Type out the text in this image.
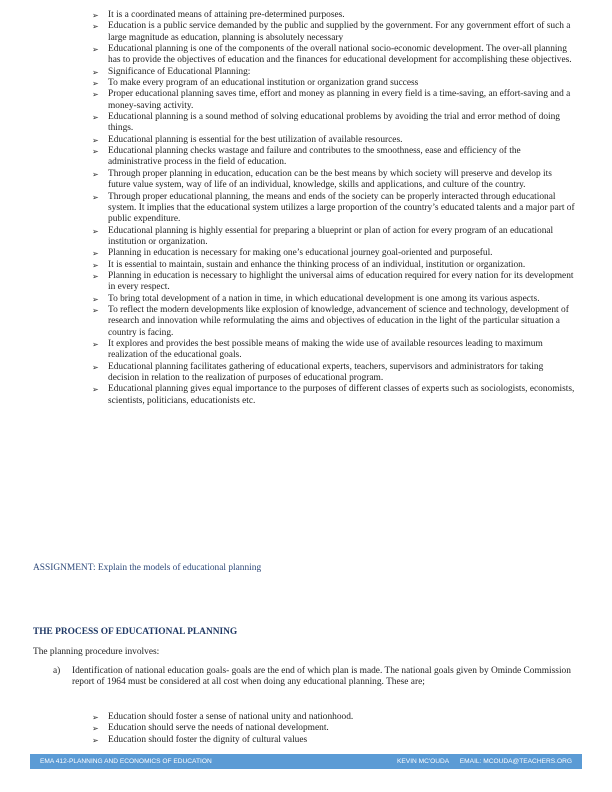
➢ It is a coordinated means of attaining pre-determined purposes.
➢ Education is a public service demanded by the public and supplied by the government. For any government effort of such a large magnitude as education, planning is absolutely necessary
➢ Educational planning is one of the components of the overall national socio-economic development. The over-all planning has to provide the objectives of education and the finances for educational development for accomplishing these objectives.
➢ Significance of Educational Planning:
➢ To make every program of an educational institution or organization grand success
➢ Proper educational planning saves time, effort and money as planning in every field is a time-saving, an effort-saving and a money-saving activity.
➢ Educational planning is a sound method of solving educational problems by avoiding the trial and error method of doing things.
➢ Educational planning is essential for the best utilization of available resources.
➢ Educational planning checks wastage and failure and contributes to the smoothness, ease and efficiency of the administrative process in the field of education.
➢ Through proper planning in education, education can be the best means by which society will preserve and develop its future value system, way of life of an individual, knowledge, skills and applications, and culture of the country.
➢ Through proper educational planning, the means and ends of the society can be properly interacted through educational system. It implies that the educational system utilizes a large proportion of the country’s educated talents and a major part of public expenditure.
➢ Educational planning is highly essential for preparing a blueprint or plan of action for every program of an educational institution or organization.
➢ Planning in education is necessary for making one’s educational journey goal-oriented and purposeful.
➢ It is essential to maintain, sustain and enhance the thinking process of an individual, institution or organization.
➢ Planning in education is necessary to highlight the universal aims of education required for every nation for its development in every respect.
➢ To bring total development of a nation in time, in which educational development is one among its various aspects.
➢ To reflect the modern developments like explosion of knowledge, advancement of science and technology, development of research and innovation while reformulating the aims and objectives of education in the light of the particular situation a country is facing.
➢ It explores and provides the best possible means of making the wide use of available resources leading to maximum realization of the educational goals.
➢ Educational planning facilitates gathering of educational experts, teachers, supervisors and administrators for taking decision in relation to the realization of purposes of educational program.
➢ Educational planning gives equal importance to the purposes of different classes of experts such as sociologists, economists, scientists, politicians, educationists etc.
ASSIGNMENT: Explain the models of educational planning
THE PROCESS OF EDUCATIONAL PLANNING
The planning procedure involves:
a)	Identification of national education goals- goals are the end of which plan is made. The national goals given by Ominde Commission report of 1964 must be considered at all cost when doing any educational planning. These are;
➢ Education should foster a sense of national unity and nationhood.
➢ Education should serve the needs of national development.
➢ Education should foster the dignity of cultural values
EMA 412-PLANNING AND ECONOMICS OF EDUCATION	KEVIN MC'OUDA EMAIL: MCOUDA@TEACHERS.ORG
